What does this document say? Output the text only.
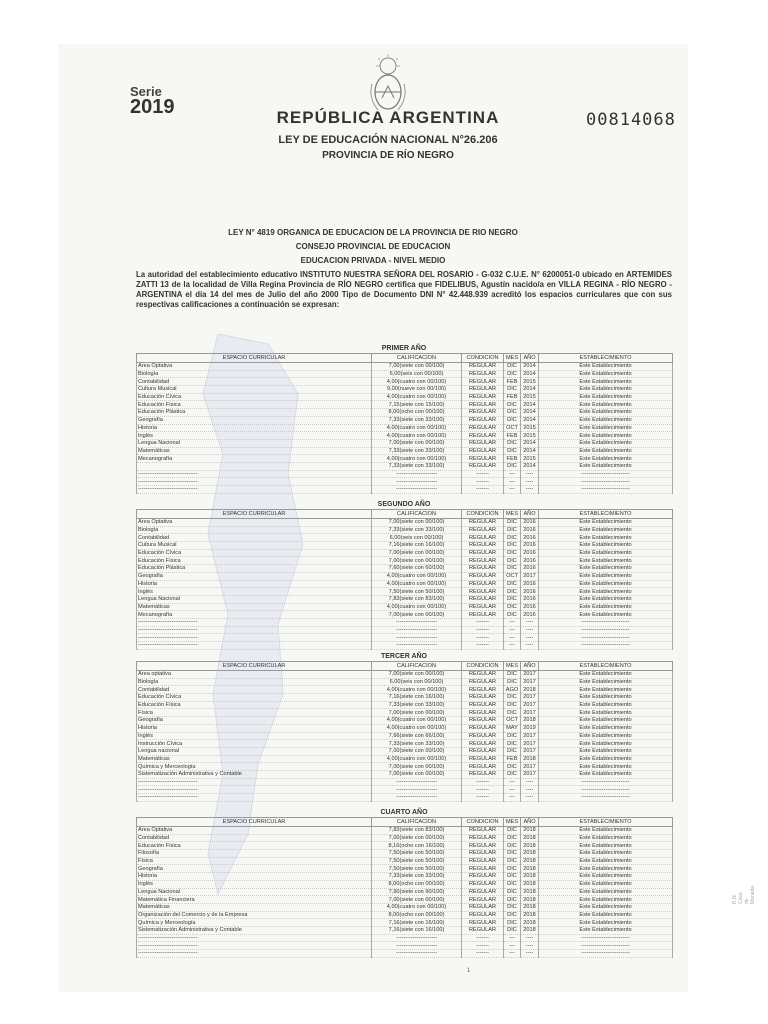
Serie
2019	REPÚBLICA ARGENTINA	00814068
LEY DE EDUCACIÓN NACIONAL N°26.206
PROVINCIA DE RÍO NEGRO
LEY N° 4819 ORGANICA DE EDUCACION DE LA PROVINCIA DE RIO NEGRO
CONSEJO PROVINCIAL DE EDUCACION
EDUCACION PRIVADA - NIVEL MEDIO
La autoridad del establecimiento educativo INSTITUTO NUESTRA SEÑORA DEL ROSARIO - G-032 C.U.E. N° 6200051-0 ubicado en ARTEMIDES ZATTI 13 de la localidad de Villa Regina Provincia de RÍO NEGRO certifica que FIDELIBUS, Agustín nacido/a en VILLA REGINA - RÍO NEGRO - ARGENTINA el día 14 del mes de Julio del año 2000 Tipo de Documento DNI N° 42.448.939 acreditó los espacios curriculares que con sus respectivas calificaciones a continuación se expresan:
PRIMER AÑO
ESPACIO CURRICULAR	CALIFICACION	CONDICION	MES	AÑO	ESTABLECIMIENTO
Área Optativa	7,00(siete con 00/100)	REGULAR	DIC	2014	Este Establecimiento
Biología	6,00(seis con 00/100)	REGULAR	DIC	2014	Este Establecimiento
Contabilidad	4,00(cuatro con 00/100)	REGULAR	FEB	2015	Este Establecimiento
Cultura Musical	9,00(nueve con 00/100)	REGULAR	DIC	2014	Este Establecimiento
Educación Cívica	4,00(cuatro con 00/100)	REGULAR	FEB	2015	Este Establecimiento
Educación Física	7,15(siete con 15/100)	REGULAR	DIC	2014	Este Establecimiento
Educación Plástica	8,00(ocho con 00/100)	REGULAR	DIC	2014	Este Establecimiento
Geografía	7,33(siete con 33/100)	REGULAR	DIC	2014	Este Establecimiento
Historia	4,00(cuatro con 00/100)	REGULAR	OCT	2015	Este Establecimiento
Inglés	4,00(cuatro con 00/100)	REGULAR	FEB	2015	Este Establecimiento
Lengua Nacional	7,00(siete con 00/100)	REGULAR	DIC	2014	Este Establecimiento
Matemáticas	7,33(siete con 33/100)	REGULAR	DIC	2014	Este Establecimiento
Mecanografía	4,00(cuatro con 00/100)	REGULAR	FEB	2015	Este Establecimiento
	7,33(siete con 33/100)	REGULAR	DIC	2014	Este Establecimiento
--------------------------------	----------------------	-------	---	----	--------------------------
--------------------------------	----------------------	-------	---	----	--------------------------
--------------------------------	----------------------	-------	---	----	--------------------------
SEGUNDO AÑO
ESPACIO CURRICULAR	CALIFICACION	CONDICION	MES	AÑO	ESTABLECIMIENTO
Área Optativa	7,00(siete con 00/100)	REGULAR	DIC	2016	Este Establecimiento
Biología	7,33(siete con 33/100)	REGULAR	DIC	2016	Este Establecimiento
Contabilidad	6,00(seis con 00/100)	REGULAR	DIC	2016	Este Establecimiento
Cultura Musical	7,16(siete con 16/100)	REGULAR	DIC	2016	Este Establecimiento
Educación Cívica	7,00(siete con 00/100)	REGULAR	DIC	2016	Este Establecimiento
Educación Física	7,00(siete con 00/100)	REGULAR	DIC	2016	Este Establecimiento
Educación Plástica	7,60(siete con 60/100)	REGULAR	DIC	2016	Este Establecimiento
Geografía	4,00(cuatro con 00/100)	REGULAR	OCT	2017	Este Establecimiento
Historia	4,00(cuatro con 00/100)	REGULAR	DIC	2016	Este Establecimiento
Inglés	7,50(siete con 50/100)	REGULAR	DIC	2016	Este Establecimiento
Lengua Nacional	7,83(siete con 83/100)	REGULAR	DIC	2016	Este Establecimiento
Matemáticas	4,00(cuatro con 00/100)	REGULAR	DIC	2016	Este Establecimiento
Mecanografía	7,00(siete con 00/100)	REGULAR	DIC	2016	Este Establecimiento
--------------------------------	----------------------	-------	---	----	--------------------------
--------------------------------	----------------------	-------	---	----	--------------------------
--------------------------------	----------------------	-------	---	----	--------------------------
--------------------------------	----------------------	-------	---	----	--------------------------
TERCER AÑO
ESPACIO CURRICULAR	CALIFICACION	CONDICION	MES	AÑO	ESTABLECIMIENTO
Área optativa	7,00(siete con 00/100)	REGULAR	DIC	2017	Este Establecimiento
Biología	6,00(seis con 00/100)	REGULAR	DIC	2017	Este Establecimiento
Contabilidad	4,00(cuatro con 00/100)	REGULAR	AGO	2018	Este Establecimiento
Educación Cívica	7,16(siete con 16/100)	REGULAR	DIC	2017	Este Establecimiento
Educación Física	7,33(siete con 33/100)	REGULAR	DIC	2017	Este Establecimiento
Física	7,00(siete con 00/100)	REGULAR	DIC	2017	Este Establecimiento
Geografía	4,00(cuatro con 00/100)	REGULAR	OCT	2018	Este Establecimiento
Historia	4,00(cuatro con 00/100)	REGULAR	MAY	2019	Este Establecimiento
Inglés	7,66(siete con 66/100)	REGULAR	DIC	2017	Este Establecimiento
Instrucción Cívica	7,33(siete con 33/100)	REGULAR	DIC	2017	Este Establecimiento
Lengua nacional	7,00(siete con 00/100)	REGULAR	DIC	2017	Este Establecimiento
Matemáticas	4,00(cuatro con 00/100)	REGULAR	FEB	2018	Este Establecimiento
Química y Merceología	7,00(siete con 00/100)	REGULAR	DIC	2017	Este Establecimiento
Sistematización Administrativa y Contable	7,00(siete con 00/100)	REGULAR	DIC	2017	Este Establecimiento
--------------------------------	----------------------	-------	---	----	--------------------------
--------------------------------	----------------------	-------	---	----	--------------------------
--------------------------------	----------------------	-------	---	----	--------------------------
CUARTO AÑO
ESPACIO CURRICULAR	CALIFICACION	CONDICION	MES	AÑO	ESTABLECIMIENTO
Área Optativa	7,83(siete con 83/100)	REGULAR	DIC	2018	Este Establecimiento
Contabilidad	7,00(siete con 00/100)	REGULAR	DIC	2018	Este Establecimiento
Educación Física	8,16(ocho con 16/100)	REGULAR	DIC	2018	Este Establecimiento
Filosofía	7,50(siete con 50/100)	REGULAR	DIC	2018	Este Establecimiento
Física	7,50(siete con 50/100)	REGULAR	DIC	2018	Este Establecimiento
Geografía	7,50(siete con 50/100)	REGULAR	DIC	2018	Este Establecimiento
Historia	7,33(siete con 33/100)	REGULAR	DIC	2018	Este Establecimiento
Inglés	8,00(ocho con 00/100)	REGULAR	DIC	2018	Este Establecimiento
Lengua Nacional	7,90(siete con 90/100)	REGULAR	DIC	2018	Este Establecimiento
Matemática Financiera	7,00(siete con 00/100)	REGULAR	DIC	2018	Este Establecimiento
Matemáticas	4,00(cuatro con 00/100)	REGULAR	DIC	2018	Este Establecimiento
Organización del Comercio y de la Empresa	8,00(ocho con 00/100)	REGULAR	DIC	2018	Este Establecimiento
Química y Merceología	7,16(siete con 16/100)	REGULAR	DIC	2018	Este Establecimiento
Sistematización Administrativa y Contable	7,16(siete con 16/100)	REGULAR	DIC	2018	Este Establecimiento
--------------------------------	----------------------	-------	---	----	--------------------------
--------------------------------	----------------------	-------	---	----	--------------------------
--------------------------------	----------------------	-------	---	----	--------------------------
R.N. Casa de Moneda
1
